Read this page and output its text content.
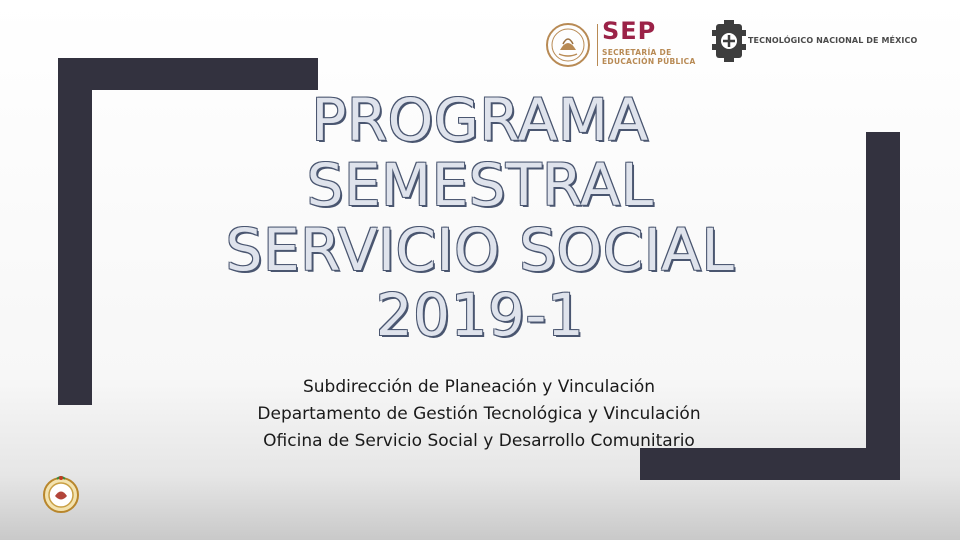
SEP
SECRETARÍA DE
EDUCACIÓN PÚBLICA
TECNOLÓGICO NACIONAL DE MÉXICO
PROGRAMA
SEMESTRAL
SERVICIO SOCIAL
2019-1
Subdirección de Planeación y Vinculación
Departamento de Gestión Tecnológica y Vinculación
Oficina de Servicio Social y Desarrollo Comunitario
